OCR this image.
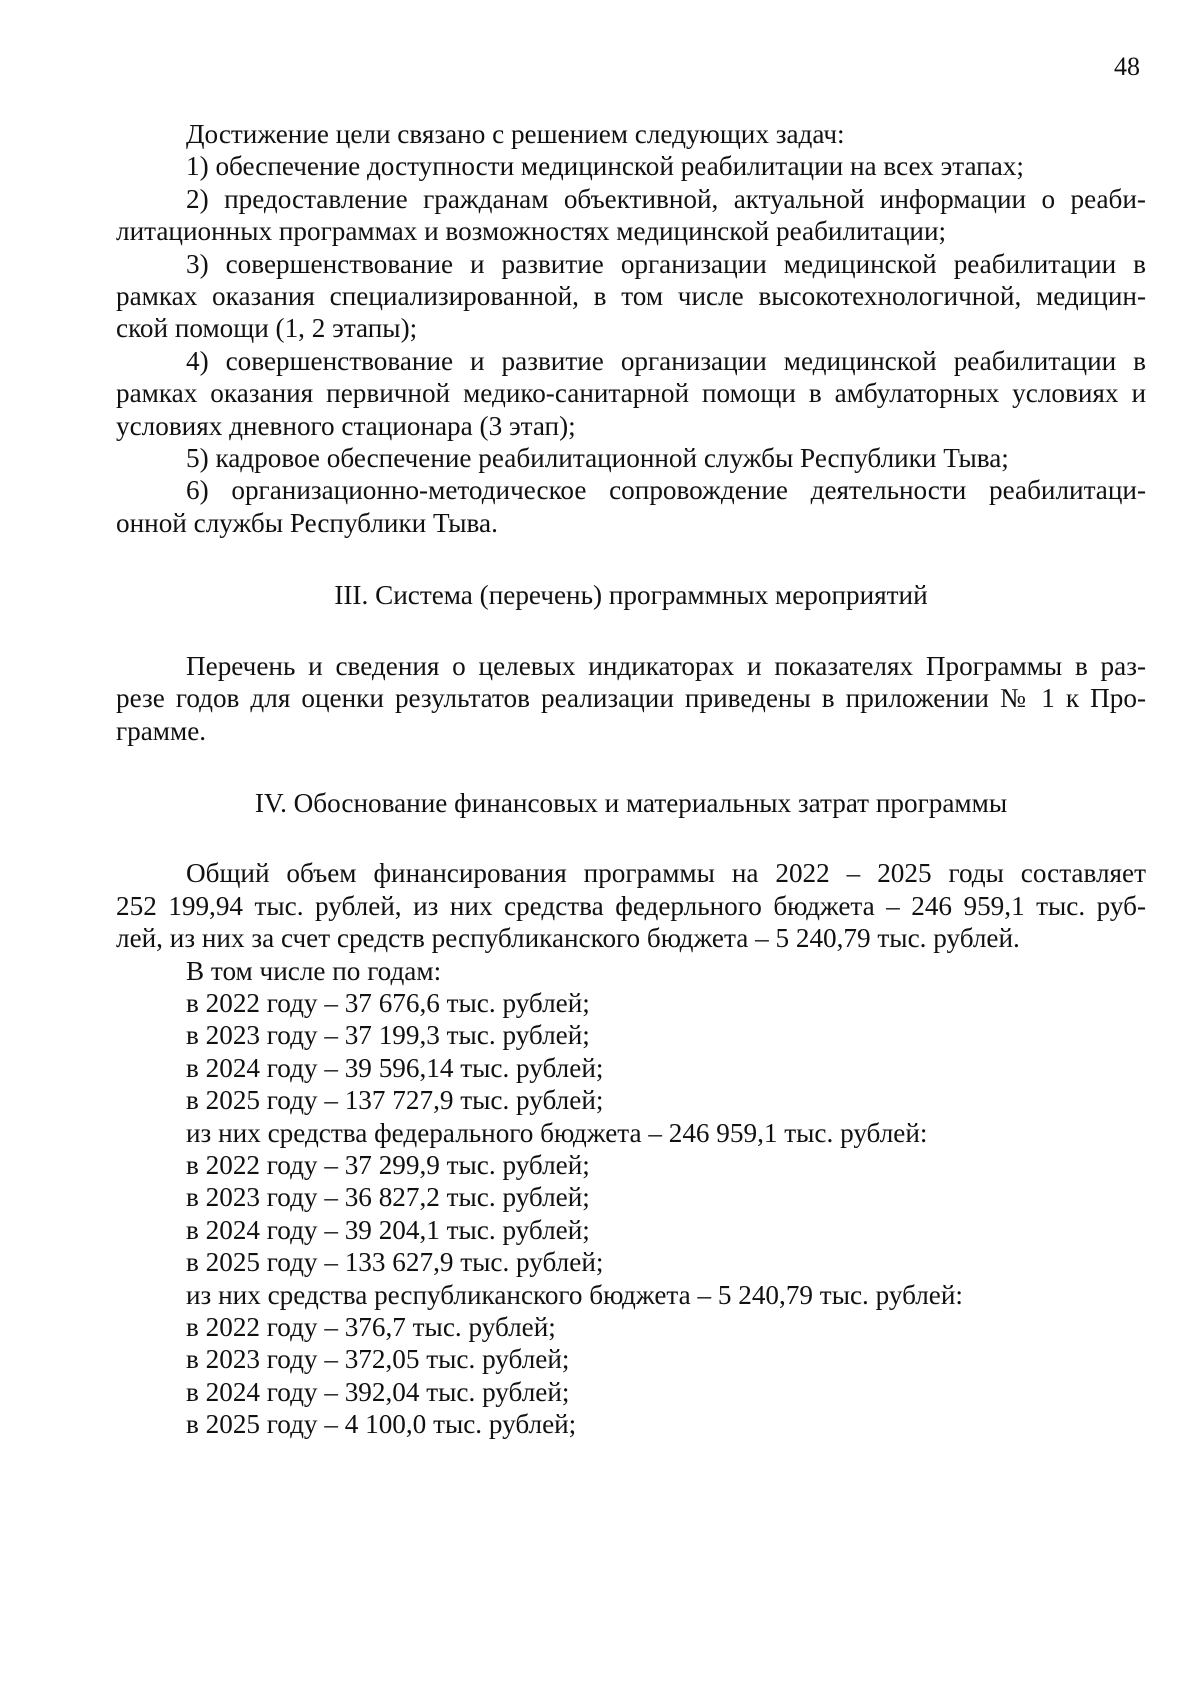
48
Достижение цели связано с решением следующих задач:
1) обеспечение доступности медицинской реабилитации на всех этапах;
2) предоставление гражданам объективной, актуальной информации о реаби-
литационных программах и возможностях медицинской реабилитации;
3) совершенствование и развитие организации медицинской реабилитации в
рамках оказания специализированной, в том числе высокотехнологичной, медицин-
ской помощи (1, 2 этапы);
4) совершенствование и развитие организации медицинской реабилитации в
рамках оказания первичной медико-санитарной помощи в амбулаторных условиях и
условиях дневного стационара (3 этап);
5) кадровое обеспечение реабилитационной службы Республики Тыва;
6) организационно-методическое сопровождение деятельности реабилитаци-
онной службы Республики Тыва.
III. Система (перечень) программных мероприятий
Перечень и сведения о целевых индикаторах и показателях Программы в раз-
резе годов для оценки результатов реализации приведены в приложении № 1 к Про-
грамме.
IV. Обоснование финансовых и материальных затрат программы
Общий объем финансирования программы на 2022 – 2025 годы составляет
252 199,94 тыс. рублей, из них средства федерльного бюджета – 246 959,1 тыс. руб-
лей, из них за счет средств республиканского бюджета – 5 240,79 тыс. рублей.
В том числе по годам:
в 2022 году – 37 676,6 тыс. рублей;
в 2023 году – 37 199,3 тыс. рублей;
в 2024 году – 39 596,14 тыс. рублей;
в 2025 году – 137 727,9 тыс. рублей;
из них средства федерального бюджета – 246 959,1 тыс. рублей:
в 2022 году – 37 299,9 тыс. рублей;
в 2023 году – 36 827,2 тыс. рублей;
в 2024 году – 39 204,1 тыс. рублей;
в 2025 году – 133 627,9 тыс. рублей;
из них средства республиканского бюджета – 5 240,79 тыс. рублей:
в 2022 году – 376,7 тыс. рублей;
в 2023 году – 372,05 тыс. рублей;
в 2024 году – 392,04 тыс. рублей;
в 2025 году – 4 100,0 тыс. рублей;
